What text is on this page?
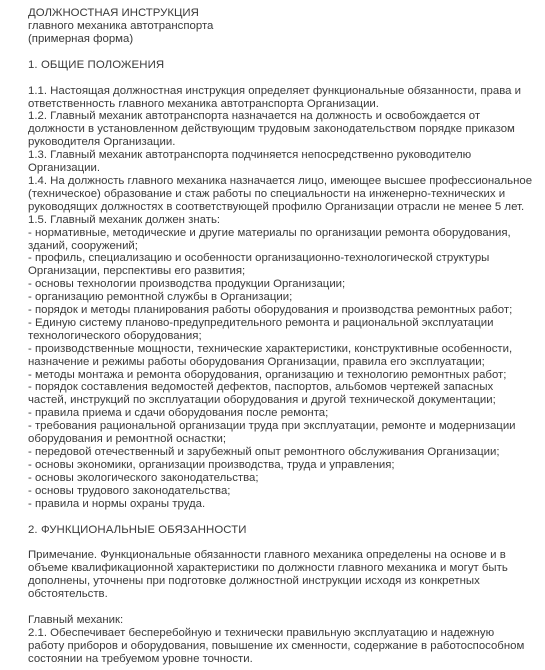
ДОЛЖНОСТНАЯ ИНСТРУКЦИЯ

главного механика автотранспорта

(примерная форма)

1. ОБЩИЕ ПОЛОЖЕНИЯ

1.1. Настоящая должностная инструкция определяет функциональные обязанности, права и
ответственность главного механика автотранспорта Организации.

1.2. Главный механик автотранспорта назначается на должность и освобождается от
должности в установленном действующим трудовым законодательством порядке приказом
руководителя Организации.

1.3. Главный механик автотранспорта подчиняется непосредственно руководителю
Организации.

1.4. На должность главного механика назначается лицо, имеющее высшее профессиональное
(техническое) образование и стаж работы по специальности на инженерно-технических и
руководящих должностях в соответствующей профилю Организации отрасли не менее 5 лет.

1.5. Главный механик должен знать:

- нормативные, методические и другие материалы по организации ремонта оборудования,
зданий, сооружений;

- профиль, специализацию и особенности организационно-технологической структуры
Организации, перспективы его развития;

- основы технологии производства продукции Организации;

- организацию ремонтной службы в Организации;

- порядок и методы планирования работы оборудования и производства ремонтных работ;

- Единую систему планово-предупредительного ремонта и рациональной эксплуатации
технологического оборудования;

- производственные мощности, технические характеристики, конструктивные особенности,
назначение и режимы работы оборудования Организации, правила его эксплуатации;

- методы монтажа и ремонта оборудования, организацию и технологию ремонтных работ;

- порядок составления ведомостей дефектов, паспортов, альбомов чертежей запасных
частей, инструкций по эксплуатации оборудования и другой технической документации;

- правила приема и сдачи оборудования после ремонта;

- требования рациональной организации труда при эксплуатации, ремонте и модернизации
оборудования и ремонтной оснастки;

- передовой отечественный и зарубежный опыт ремонтного обслуживания Организации;

- основы экономики, организации производства, труда и управления;

- основы экологического законодательства;

- основы трудового законодательства;

- правила и нормы охраны труда.

2. ФУНКЦИОНАЛЬНЫЕ ОБЯЗАННОСТИ

Примечание. Функциональные обязанности главного механика определены на основе и в
объеме квалификационной характеристики по должности главного механика и могут быть
дополнены, уточнены при подготовке должностной инструкции исходя из конкретных
обстоятельств.

Главный механик:

2.1. Обеспечивает бесперебойную и технически правильную эксплуатацию и надежную
работу приборов и оборудования, повышение их сменности, содержание в работоспособном
состоянии на требуемом уровне точности.
